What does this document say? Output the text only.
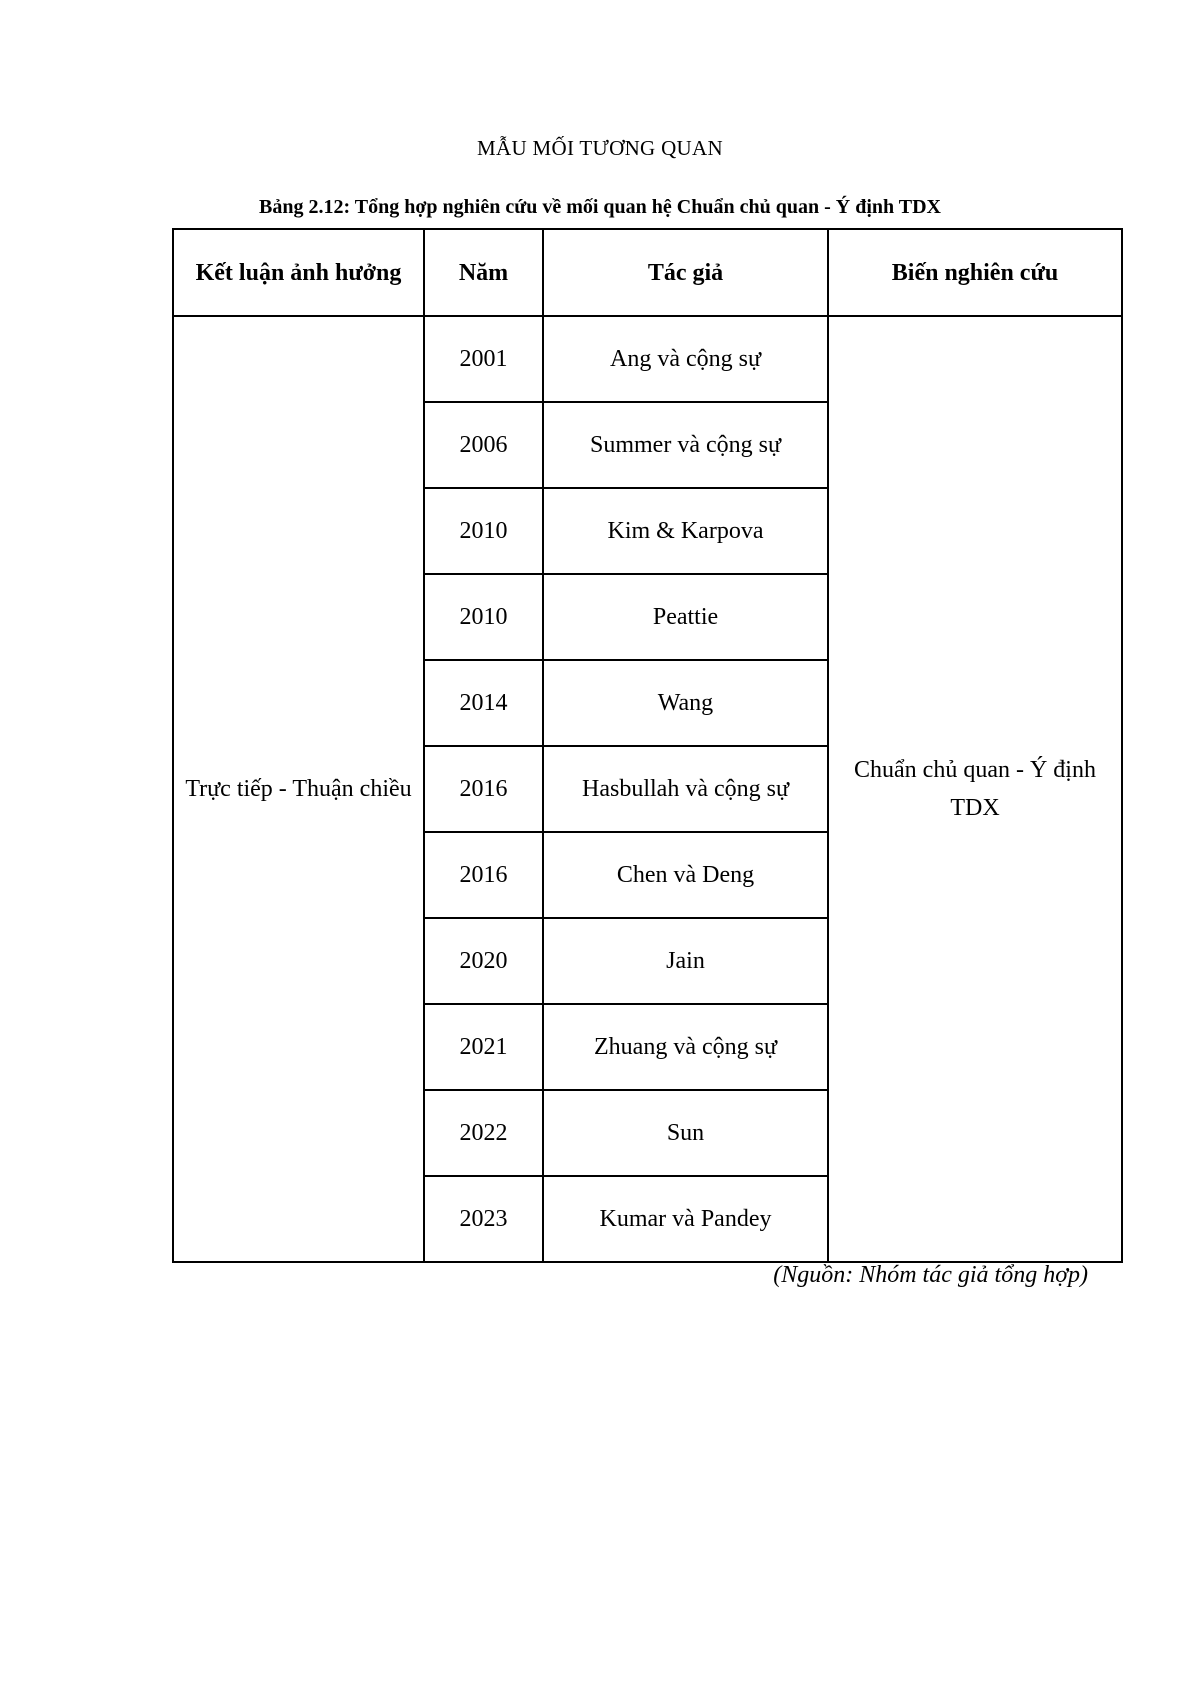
MẪU MỐI TƯƠNG QUAN
Bảng 2.12: Tổng hợp nghiên cứu về mối quan hệ Chuẩn chủ quan - Ý định TDX
Kết luận ảnh hưởng	Năm	Tác giả	Biến nghiên cứu
Trực tiếp - Thuận chiều	2001	Ang và cộng sự	Chuẩn chủ quan - Ý định TDX
	2006	Summer và cộng sự	
	2010	Kim & Karpova	
	2010	Peattie	
	2014	Wang	
	2016	Hasbullah và cộng sự	
	2016	Chen và Deng	
	2020	Jain	
	2021	Zhuang và cộng sự	
	2022	Sun	
	2023	Kumar và Pandey	
(Nguồn: Nhóm tác giả tổng hợp)
